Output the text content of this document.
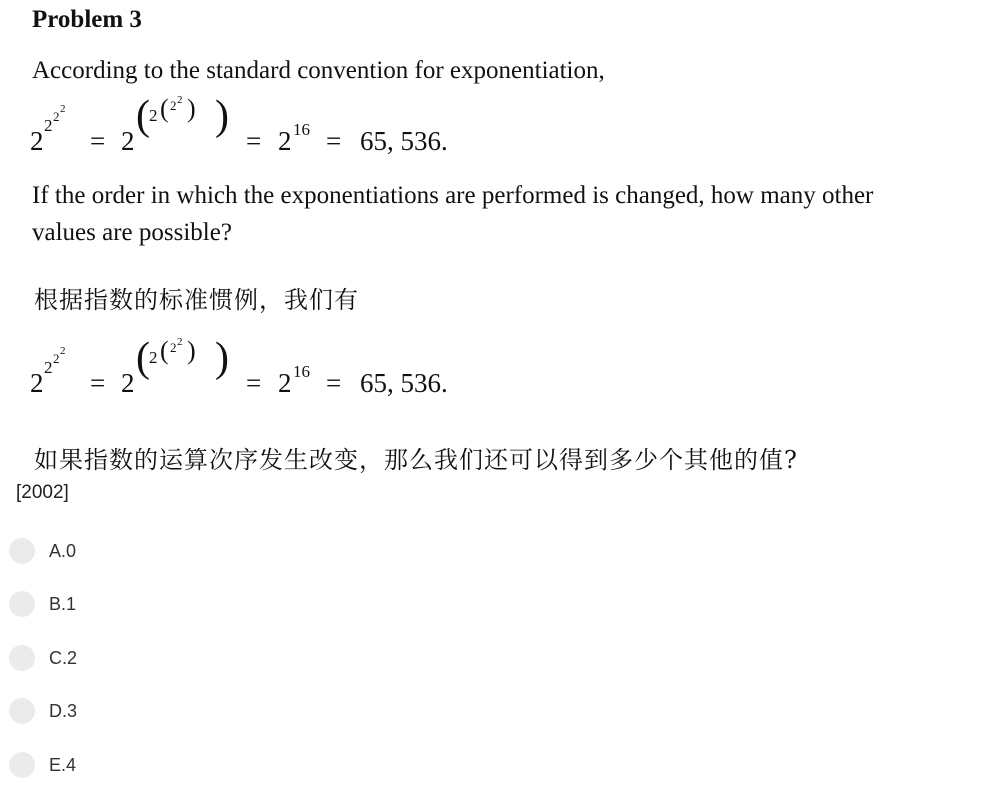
Problem 3
According to the standard convention for exponentiation,
2
2 2 2
= 2
( 2 ( 2 2 ) )
= 2 16 = 65, 536.
If the order in which the exponentiations are performed is changed, how many other
values are possible?
根据指数的标准惯例，我们有
2
2 2 2
= 2
( 2 ( 2 2 ) )
= 2 16 = 65, 536.
如果指数的运算次序发生改变，那么我们还可以得到多少个其他的值?
[2002]
A.0
B.1
C.2
D.3
E.4
